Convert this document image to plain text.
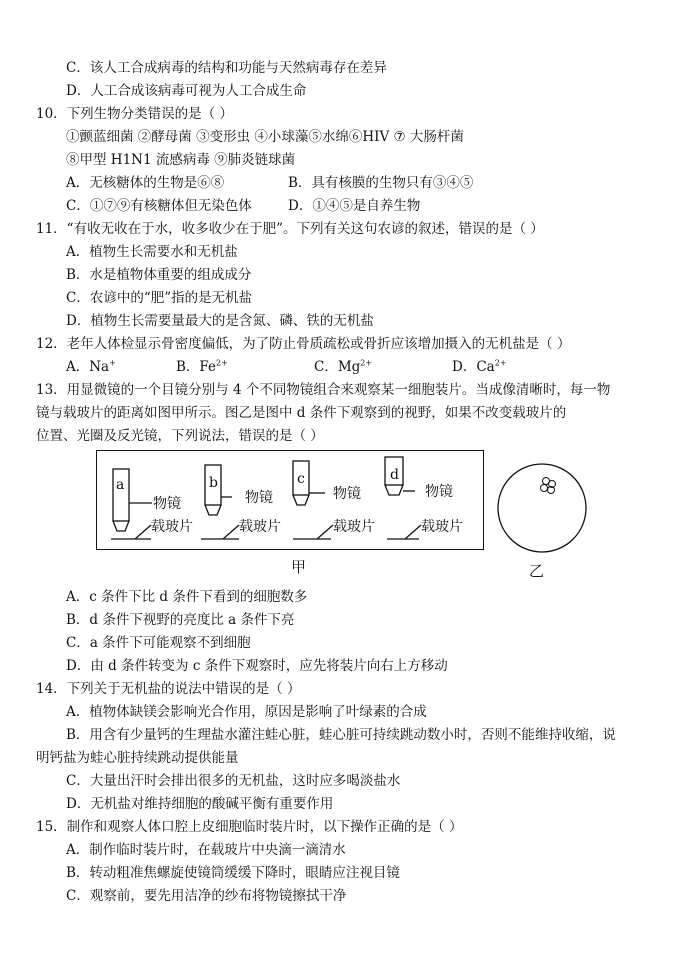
C．该人工合成病毒的结构和功能与天然病毒存在差异
D．人工合成该病毒可视为人工合成生命
10．下列生物分类错误的是（ ）
①颤蓝细菌 ②酵母菌 ③变形虫 ④小球藻⑤水绵⑥HIV ⑦ 大肠杆菌
⑧甲型 H1N1 流感病毒 ⑨肺炎链球菌
A．无核糖体的生物是⑥⑧	B．具有核膜的生物只有③④⑤
C．①⑦⑨有核糖体但无染色体	D．①④⑤是自养生物
11．“有收无收在于水，收多收少在于肥”。下列有关这句农谚的叙述，错误的是（ ）
A．植物生长需要水和无机盐
B．水是植物体重要的组成成分
C．农谚中的“肥”指的是无机盐
D．植物生长需要量最大的是含氮、磷、铁的无机盐
12．老年人体检显示骨密度偏低，为了防止骨质疏松或骨折应该增加摄入的无机盐是（ ）
A．Na+	B．$Fe^{2+}$	C．$Mg^{2+}$	D．$Ca^{2+}$
13．用显微镜的一个目镜分别与 4 个不同物镜组合来观察某一细胞装片。当成像清晰时，每一物
镜与载玻片的距离如图甲所示。图乙是图中 d 条件下观察到的视野，如果不改变载玻片的
位置、光圈及反光镜，下列说法，错误的是（ ）
a	b	c	d
物镜	物镜	物镜	物镜
载玻片	载玻片	载玻片	载玻片
甲	乙
A．c 条件下比 d 条件下看到的细胞数多
B．d 条件下视野的亮度比 a 条件下亮
C．a 条件下可能观察不到细胞
D．由 d 条件转变为 c 条件下观察时，应先将装片向右上方移动
14．下列关于无机盐的说法中错误的是（ ）
A．植物体缺镁会影响光合作用，原因是影响了叶绿素的合成
B．用含有少量钙的生理盐水灌注蛙心脏，蛙心脏可持续跳动数小时，否则不能维持收缩，说
明钙盐为蛙心脏持续跳动提供能量
C．大量出汗时会排出很多的无机盐，这时应多喝淡盐水
D．无机盐对维持细胞的酸碱平衡有重要作用
15．制作和观察人体口腔上皮细胞临时装片时，以下操作正确的是（ ）
A．制作临时装片时，在载玻片中央滴一滴清水
B．转动粗准焦螺旋使镜筒缓缓下降时，眼睛应注视目镜
C．观察前，要先用洁净的纱布将物镜擦拭干净
